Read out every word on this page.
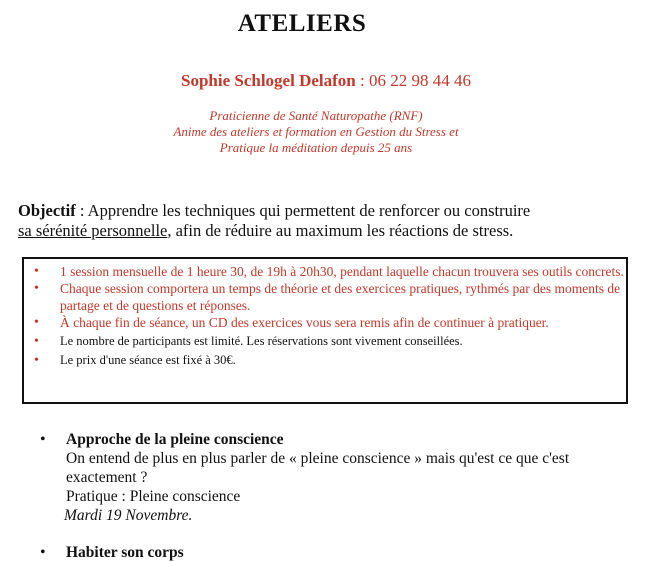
ATELIERS
Sophie Schlogel Delafon : 06 22 98 44 46
Praticienne de Santé Naturopathe (RNF)
Anime des ateliers et formation en Gestion du Stress et
Pratique la méditation depuis 25 ans
Objectif : Apprendre les techniques qui permettent de renforcer ou construire
sa sérénité personnelle, afin de réduire au maximum les réactions de stress.
• 1 session mensuelle de 1 heure 30, de 19h à 20h30, pendant laquelle chacun trouvera ses outils concrets.
• Chaque session comportera un temps de théorie et des exercices pratiques, rythmés par des moments de partage et de questions et réponses.
• À chaque fin de séance, un CD des exercices vous sera remis afin de continuer à pratiquer.
• Le nombre de participants est limité. Les réservations sont vivement conseillées.
• Le prix d'une séance est fixé à 30€.
• Approche de la pleine conscience
On entend de plus en plus parler de « pleine conscience » mais qu'est ce que c'est exactement ?
Pratique : Pleine conscience
Mardi 19 Novembre.
• Habiter son corps
